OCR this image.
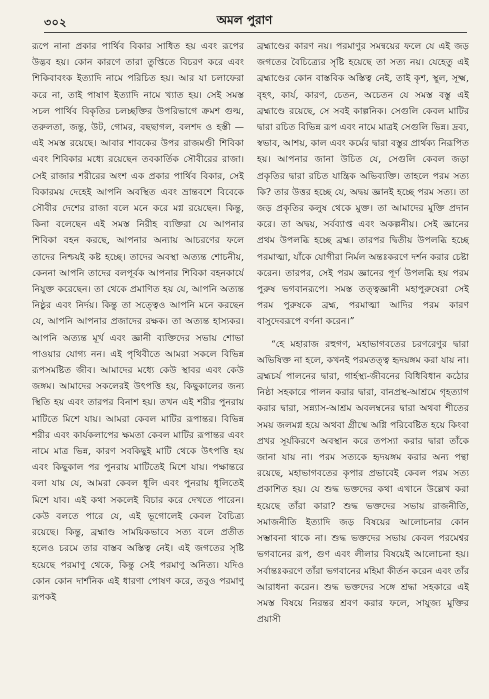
৩০২	অমল পুরাণ

রূপে নানা প্রকার পার্থিব বিকার সাধিত হয় এবং রূপের উদ্ভব হয়। কোন কারণে তারা তুপ্তিতে বিচরণ করে এবং শিকিবাবংক ইত্যাদি নামে পরিচিত হয়। আর যা চলাফেরা করে না, তাই পাষাণ ইত্যাদি নামে খ্যাত হয়। সেই সমস্ত সচল পার্থিব বিকৃতির চলচ্ছক্তির উপরিভাগে ক্রমশ গুল্ম, তরুলতা, জন্তু, উট, গোমর, বছছাগল, বলশদ ও হস্তী — এই সমস্ত রয়েছে। আবার শাবকের উপর রাজমণ্ডী শিবিকা এবং শিবিকার মধ্যে রয়েছেন তবকাৰ্তিক সৌবীরের রাজা। সেই রাজার শরীরের অংশ এক প্রকার পার্থিব বিকার, সেই বিকারময় দেহেই আপনি অবস্থিত এবং ভ্রান্তবশে বিবেকে সৌবীর দেশের রাজা বলে মনে করে মগ্ন রয়েছেন। কিন্তু, কিনা বলেছেন এই সমস্ত নিরীহ ব্যক্তিরা যে আপনার শিবিকা বহন করছে, আপনার অন্যায় আচরণের ফলে তাদের নিশ্চয়ই কষ্ট হচ্ছে। তাদের অবস্থা অত্যন্ত শোচনীয়, কেননা আপনি তাদের বলপূর্বক আপনার শিবিকা বহনকার্যে নিযুক্ত করেছেন। তা থেকে প্রমাণিত হয় যে, আপনি অত্যন্ত নিষ্ঠুর এবং নির্দয়। কিন্তু তা সত্ত্বেও আপনি মনে করছেন যে, আপনি আপনার প্রজাদের রক্ষক। তা অত্যন্ত হাস্যকর। আপনি অত্যন্ত মূর্খ এবং জ্ঞানী ব্যক্তিদের সভায় শোভা পাওয়ার যোগ্য নন। এই পৃথিবীতে আমরা সকলে বিভিন্ন রূপসমষ্টিত জীব। আমাদের মধ্যে কেউ স্থাবর এবং কেউ জঙ্গম। আমাদের সকলেরই উৎপত্তি হয়, কিছুকালের জন্য স্থিতি হয় এবং তারপর বিনাশ হয়। তখন এই শরীর পুনরায় মাটিতে মিশে যায়। আমরা কেবল মাটির রূপান্তর। বিভিন্ন শরীর এবং কার্যকলাপের ক্ষমতা কেবল মাটির রূপান্তর এবং নামে মাত্র ভিন্ন, কারণ সবকিছুই মাটি থেকে উৎপত্তি হয় এবং কিছুকাল পর পুনরায় মাটিতেই মিশে যায়। পক্ষান্তরে বলা যায় যে, আমরা কেবল ধূলি এবং পুনরায় ধূলিতেই মিশে যাব। এই কথা সকলেই বিচার করে দেখতে পারেন। কেউ বলতে পারে যে, এই ভূগোলেই কেবল বৈচিত্র্য রয়েছে। কিন্তু, ব্রহ্মাণ্ড সাময়িকভাবে সত্য বলে প্রতীত হলেও চরমে তার বাস্তব অস্তিত্ব নেই। এই জগতের সৃষ্টি হয়েছে পরমাণু থেকে, কিন্তু সেই পরমাণু অনিত্য। যদিও কোন কোন দার্শনিক এই ধারণা পোষণ করে, তবুও পরমাণু রূপকই

ব্রহ্মাণ্ডের কারণ নয়। পরমাণুর সমন্বয়ের ফলে যে এই জড় জগতের বৈচিত্র্যের সৃষ্টি হয়েছে তা সত্য নয়। যেহেতু এই ব্রহ্মাণ্ডের কোন বাস্তবিক অস্তিত্ব নেই, তাই কৃশ, স্থূল, সূক্ষ্ম, বৃহৎ, কার্য, কারণ, চেতন, অচেতন যে সমস্ত বস্তু এই ব্রহ্মাণ্ডে রয়েছে, সে সবই কাল্পনিক। সেগুলি কেবল মাটির দ্বারা রচিত বিভিন্ন রূপ এবং নামে মাত্রই সেগুলি ভিন্ন। দ্রব্য, স্বভাব, আশয়, কাল এবং কর্মের দ্বারা বস্তুর প্রার্থক্য নিরূপিত হয়। আপনার জানা উচিত যে, সেগুলি কেবল জড়া প্রকৃতির দ্বারা রচিত যান্ত্রিক অভিব্যক্তি। তাহলে পরম সত্য কি? তার উত্তর হচ্ছে যে, অদ্বয় জ্ঞানই হচ্ছে পরম সত্য। তা জড় প্রকৃতির কলুষ থেকে মুক্ত। তা আমাদের মুক্তি প্রদান করে। তা অদ্বয়, সর্বব্যাপ্ত এবং অকল্পনীয়। সেই জ্ঞানের প্রথম উপলব্ধি হচ্ছে ব্রহ্ম। তারপর দ্বিতীয় উপলব্ধি হচ্ছে পরমাত্মা, যাঁকে যোগীরা নির্মল অন্তঃকরণে দর্শন করার চেষ্টা করেন। তারপর, সেই পরম জ্ঞানের পূর্ণ উপলব্ধি হয় পরম পুরুষ ভগবানরূপে। সমস্ত তত্ত্বজ্ঞানী মহাপুরুষেরা সেই পরম পুরুষকে ব্রহ্ম, পরমাত্মা আদির পরম কারণ বাসুদেবরূপে বর্ণনা করেন।”

“হে মহারাজ রহুগণ, মহাভাগবতের চরণরেণুর দ্বারা অভিষিক্ত না হলে, কখনই পরমতত্ত্ব হৃদয়ঙ্গম করা যায় না। ব্রহ্মচর্য পালনের দ্বারা, গার্হস্থ্য-জীবনের বিধিবিধান কঠোর নিষ্ঠা সহকারে পালন করার দ্বারা, বানপ্রস্থ-আশ্রমে গৃহত্যাগ করার দ্বারা, সন্ন্যাস-আশ্রম অবলম্বনের দ্বারা অথবা শীতের সময় জলমগ্ন হয়ে অথবা গ্রীষ্মে অগ্নি পরিবেষ্টিত হয়ে কিংবা প্রখর সূর্যকিরণে অবস্থান করে তপস্যা করার দ্বারা তাঁকে জানা যায় না। পরম সত্যকে হৃদয়ঙ্গম করার অন্য পন্থা রয়েছে, মহাভাগবতের কৃপার প্রভাবেই কেবল পরম সত্য প্রকাশিত হয়। যে শুদ্ধ ভক্তদের কথা এখানে উল্লেখ করা হয়েছে তাঁরা কারা? শুদ্ধ ভক্তদের সভায় রাজনীতি, সমাজনীতি ইত্যাদি জড় বিষয়ের আলোচনার কোন সম্ভাবনা থাকে না। শুদ্ধ ভক্তদের সভায় কেবল পরমেশ্বর ভগবানের রূপ, গুণ এবং লীলার বিষয়েই আলোচনা হয়। সর্বান্তঃকরণে তাঁরা ভগবানের মহিমা কীর্তন করেন এবং তাঁর আরাধনা করেন। শুদ্ধ ভক্তদের সঙ্গে শ্রদ্ধা সহকারে এই সমস্ত বিষয়ে নিরন্তর শ্রবণ করার ফলে, সাযুজ্য মুক্তির প্রয়াসী
